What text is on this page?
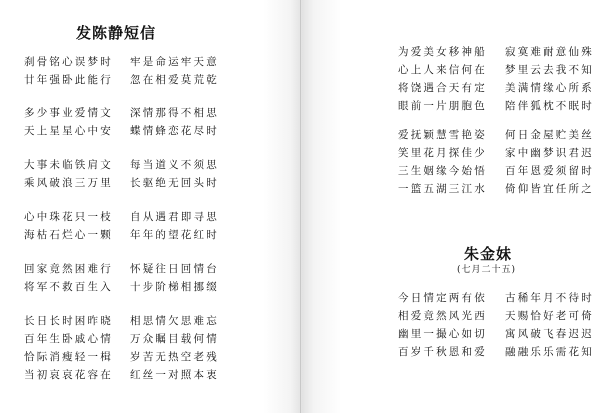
发陈静短信
刹骨铭心误梦时
廿年强卧此能行
牢是命运牢天意
忽在相爱莫荒乾
多少事业爱情文
天上星星心中安
深情那得不相思
蝶情蜂恋花尽时
大事未临铁肩文
乘风破浪三万里
每当道义不须思
长驱绝无回头时
心中珠花只一枝
海枯石烂心一颗
自从遇君即寻思
年年的望花红时
回家竟然困难行
将军不救百生入
怀疑往日回情台
十步阶梯相挪缀
长日长时困昨晓
百年生卧戚心情
恰际消瘦轻一楫
当初哀哀花容在
相思情欠思难忘
万众瞩目载何情
岁苦无热空老残
红丝一对照本衷
为爱美女移神船
心上人来信何在
将饶遇合天有定
眼前一片朋胞色
寂寞难耐意仙殊
梦里云去我不知
美满情缘心所系
陪伴狐枕不眠时
爱抚颖慧雪艳姿
笑里花月探佳少
三生姻缘今始悟
一篮五湖三江水
何日金屋贮美丝
家中幽梦识君迟
百年恩爱须留时
倚仰皆宜任所之
朱金妹
(七月二十五)
今日情定两有依
相爱竟然风光西
幽里一撮心如切
百岁千秋恩和爱
古稀年月不待时
天赐恰好老可倚
寓风破飞春迟迟
融融乐乐需花知
